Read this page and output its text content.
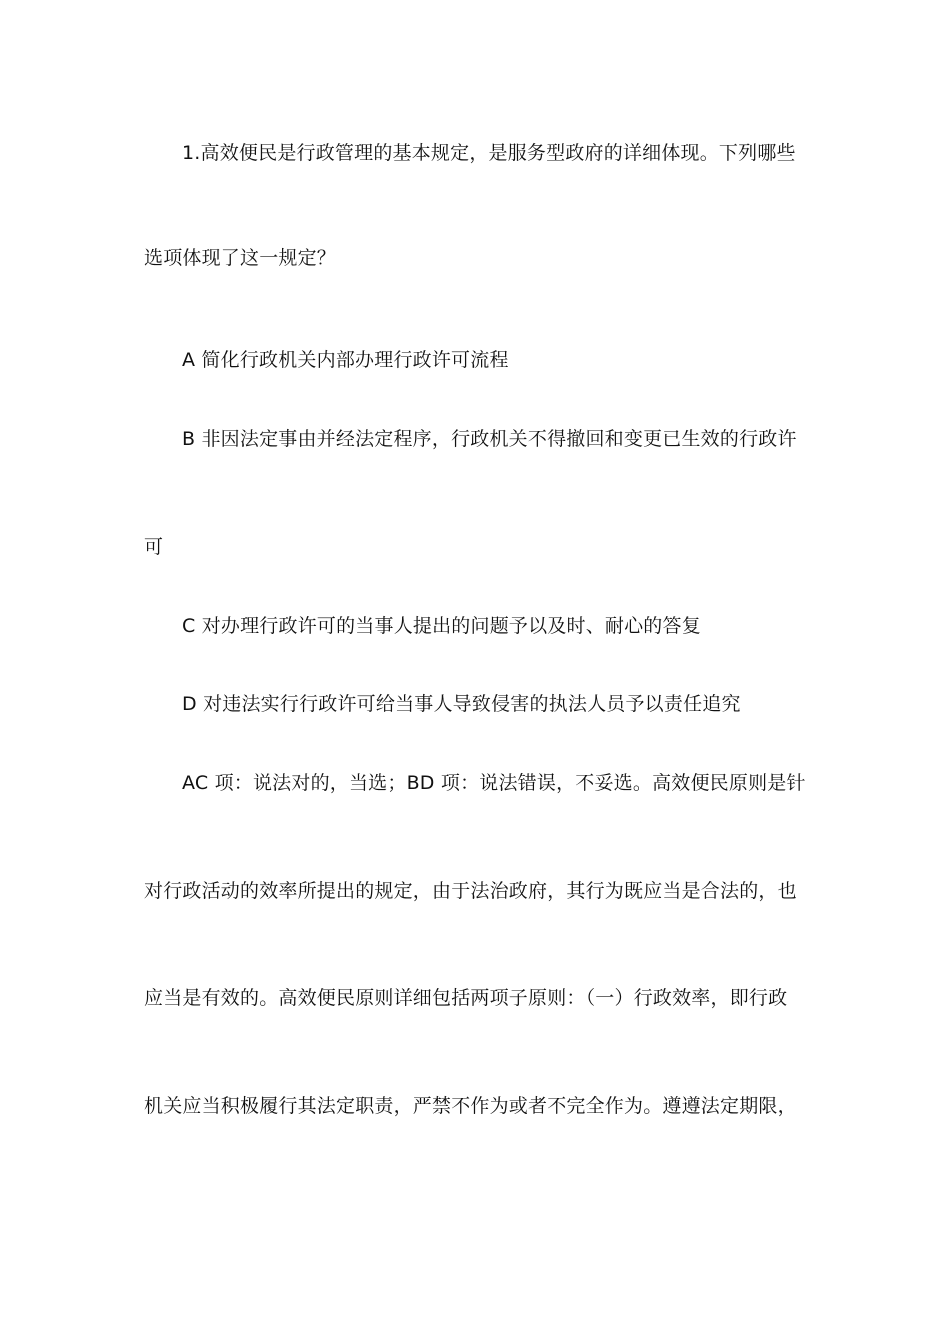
1.高效便民是行政管理的基本规定，是服务型政府的详细体现。下列哪些
选项体现了这一规定？
A 简化行政机关内部办理行政许可流程
B 非因法定事由并经法定程序，行政机关不得撤回和变更已生效的行政许
可
C 对办理行政许可的当事人提出的问题予以及时、耐心的答复
D 对违法实行行政许可给当事人导致侵害的执法人员予以责任追究
AC 项：说法对的，当选；BD 项：说法错误，不妥选。高效便民原则是针
对行政活动的效率所提出的规定，由于法治政府，其行为既应当是合法的，也
应当是有效的。高效便民原则详细包括两项子原则：（一）行政效率，即行政
机关应当积极履行其法定职责，严禁不作为或者不完全作为。遵遵法定期限，
